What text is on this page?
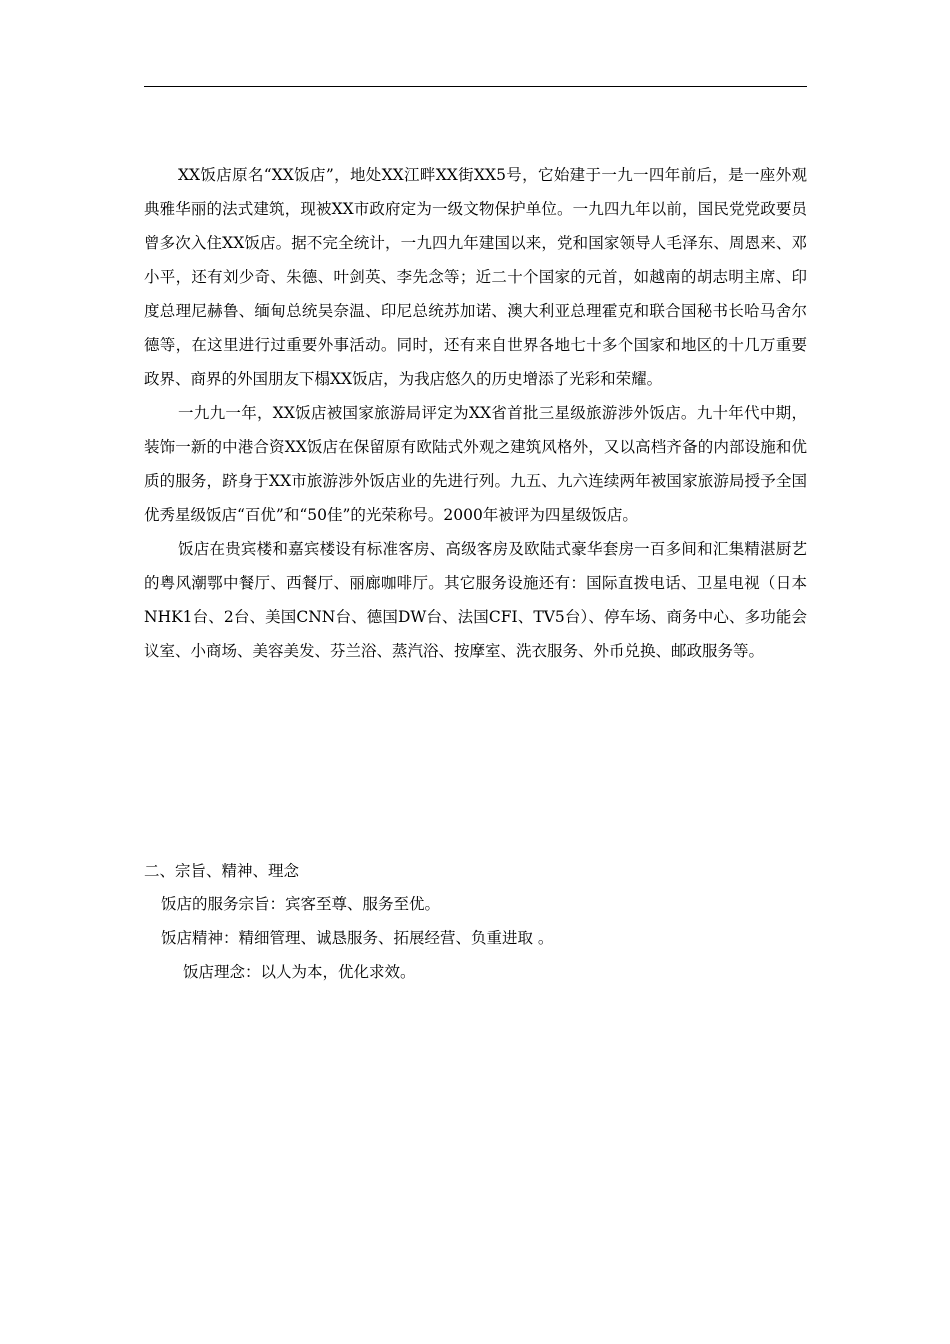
XX饭店原名“XX饭店”，地处XX江畔XX街XX5号，它始建于一九一四年前后，是一座外观典雅华丽的法式建筑，现被XX市政府定为一级文物保护单位。一九四九年以前，国民党党政要员曾多次入住XX饭店。据不完全统计，一九四九年建国以来，党和国家领导人毛泽东、周恩来、邓小平，还有刘少奇、朱德、叶剑英、李先念等；近二十个国家的元首，如越南的胡志明主席、印度总理尼赫鲁、缅甸总统吴奈温、印尼总统苏加诺、澳大利亚总理霍克和联合国秘书长哈马舍尔德等，在这里进行过重要外事活动。同时，还有来自世界各地七十多个国家和地区的十几万重要政界、商界的外国朋友下榻XX饭店，为我店悠久的历史增添了光彩和荣耀。

一九九一年，XX饭店被国家旅游局评定为XX省首批三星级旅游涉外饭店。九十年代中期，装饰一新的中港合资XX饭店在保留原有欧陆式外观之建筑风格外，又以高档齐备的内部设施和优质的服务，跻身于XX市旅游涉外饭店业的先进行列。九五、九六连续两年被国家旅游局授予全国优秀星级饭店“百优”和“50佳”的光荣称号。2000年被评为四星级饭店。

饭店在贵宾楼和嘉宾楼设有标准客房、高级客房及欧陆式豪华套房一百多间和汇集精湛厨艺的粤风潮鄂中餐厅、西餐厅、丽廊咖啡厅。其它服务设施还有：国际直拨电话、卫星电视（日本NHK1台、2台、美国CNN台、德国DW台、法国CFI、TV5台）、停车场、商务中心、多功能会议室、小商场、美容美发、芬兰浴、蒸汽浴、按摩室、洗衣服务、外币兑换、邮政服务等。

二、宗旨、精神、理念

饭店的服务宗旨：宾客至尊、服务至优。

饭店精神：精细管理、诚恳服务、拓展经营、负重进取 。

饭店理念：以人为本，优化求效。
